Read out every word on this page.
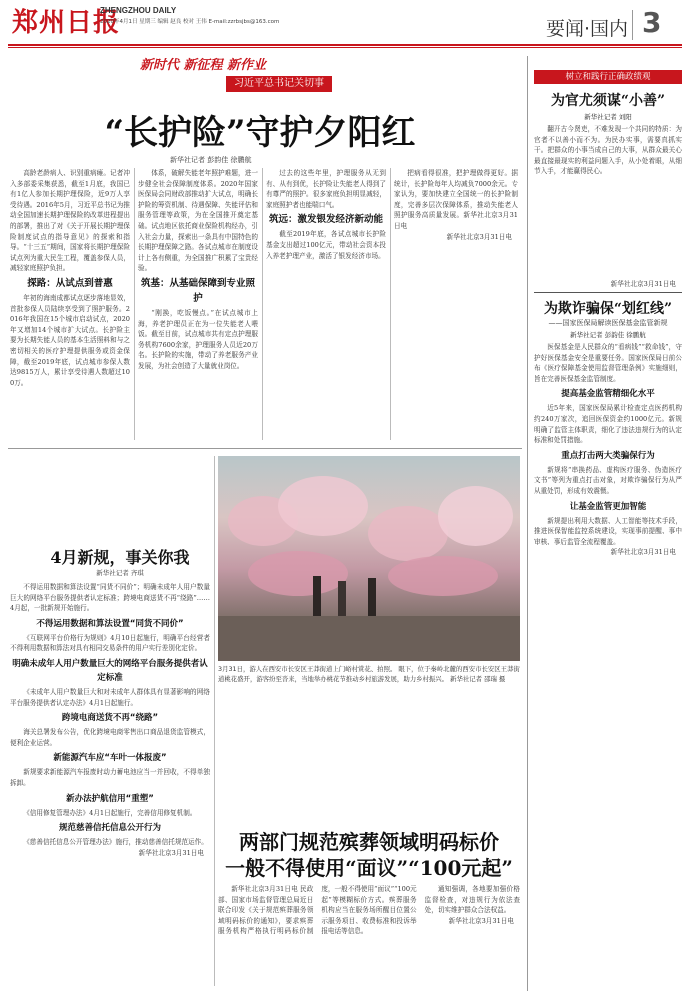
郑州日报
ZHENGZHOU DAILY
2020年4月1日 星期三 编辑 赵良 校对 王伟 E-mail:zzrbsjbs@163.com	要闻·国内 3
新时代 新征程 新作业
习近平总书记关切事
“长护险”守护夕阳红
新华社记者 彭韵佳 徐鹏航

高龄老龄病人、识别重病瘫。记者冲入多部委采集获悉，截至1月底，我国已有1亿人参加长期护理保险，近9万人享受待遇。2016年5月，习近平总书记为推动全国加速长期护理保险的改革进程提出的部署，推出了对《关于开展长期护理保险制度试点的指导意见》的探索和指导。“十三五”期间，国家将长期护理保险试点列为重大民生工程，覆盖参保人员，减轻家庭照护负担。

探路：从试点到普惠

年初的海南成都试点逐步落地显效，首批参保人员陆续享受到了照护服务。2016年我国在15个城市启动试点，2020年又增加14个城市扩大试点。长护险主要为长期失能人员的基本生活照料和与之密切相关的医疗护理提供服务或资金保障，截至2019年底，试点城市参保人数达9815万人，累计享受待遇人数超过100万。

体系，破解失能老年照护难题，进一步健全社会保障制度体系。2020年国家医保局会同财政部推动扩大试点，明确长护险的筹资机制、待遇保障、失能评估和服务管理等政策，为在全国推开奠定基础。试点地区依托商业保险机构经办，引入社会力量，探索出一条具有中国特色的长期护理保障之路。各试点城市在制度设计上各有侧重，为全国推广积累了宝贵经验。

筑基：从基础保障到专业照护

“刚换，吃饭慢点。”在试点城市上海，养老护理员正在为一位失能老人喂饭。截至目前，试点城市共有定点护理服务机构7600余家，护理服务人员近20万名。长护险的实施，带动了养老服务产业发展，为社会创造了大量就业岗位。

过去的这些年里，护理服务从无到有、从有到优，长护险让失能老人得到了有尊严的照护。很多家庭负担明显减轻，家庭照护者也能喘口气。

筑远：激发银发经济新动能

截至2019年底，各试点城市长护险基金支出超过100亿元，带动社会资本投入养老护理产业，激活了银发经济市场。

把病看得很准，把护理做得更好。据统计，长护险每年人均减负7000余元。专家认为，要加快建立全国统一的长护险制度，完善多层次保障体系，推动失能老人照护服务高质量发展。新华社北京3月31日电

新华社北京3月31日电

树立和践行正确政绩观
为官尤须谋“小善”
新华社记者 刘阳

翻开古今贤吏，不难发现一个共同的特质：为官者不以善小而不为。为民办实事，需要真抓实干。把群众的小事当成自己的大事，从群众最关心最直接最现实的利益问题入手，从小处着眼，从细节入手，才能赢得民心。

新华社北京3月31日电
为欺诈骗保“划红线”
——国家医保局解读医保基金监管新规
新华社记者 彭韵佳 徐鹏航

医保基金是人民群众的“看病钱”“救命钱”，守护好医保基金安全是重要任务。国家医保局日前公布《医疗保障基金使用监督管理条例》实施细则，旨在完善医保基金监管制度。

提高基金监管精细化水平

近5年来，国家医保局累计检查定点医药机构约240万家次，追回医保资金约1000亿元。新规明确了监管主体职责，细化了违法违规行为的认定标准和处罚措施。

重点打击两大类骗保行为

新规将“串换药品、虚构医疗服务、伪造医疗文书”等列为重点打击对象，对欺诈骗保行为从严从重处罚，形成有效震慑。

让基金监管更加智能

新规提出利用大数据、人工智能等技术手段，推进医保智能监控系统建设，实现事前提醒、事中审核、事后监管全流程覆盖。

新华社北京3月31日电

4月新规，事关你我
新华社记者 齐琪

不得运用数据和算法设置“同货不同价”；明确未成年人用户数量巨大的网络平台服务提供者认定标准；跨境电商送货不再“绕路”……4月起，一批新规开始施行。

不得运用数据和算法设置“同货不同价”

《互联网平台价格行为规则》4月10日起施行，明确平台经营者不得利用数据和算法对具有相同交易条件的用户实行差别化定价。

明确未成年人用户数量巨大的网络平台服务提供者认定标准

《未成年人用户数量巨大和对未成年人群体具有显著影响的网络平台服务提供者认定办法》4月1日起施行。

跨境电商送货不再“绕路”

海关总署发布公告，优化跨境电商零售出口商品退货监管模式，便利企业运营。

新能源汽车应“车叶一体报废”

新规要求新能源汽车报废时动力蓄电池应当一并回收，不得单独拆卸。

新办法护航信用“重塑”

《信用修复管理办法》4月1日起施行，完善信用修复机制。

规范慈善信托信息公开行为

《慈善信托信息公开管理办法》施行，推动慈善信托规范运作。

新华社北京3月31日电

3月31日，游人在西安市长安区王莽街道上门峪村赏花、拍照。 眼下，位于秦岭北麓的西安市长安区王莽街道桃花盛开，游客纷至沓来，当地举办桃花节推动乡村旅游发展，助力乡村振兴。 新华社记者 邵瑞 摄
两部门规范殡葬领域明码标价
一般不得使用“面议”“100元起”

新华社北京3月31日电 民政部、国家市场监督管理总局近日联合印发《关于规范殡葬服务领域明码标价的通知》，要求殡葬服务机构严格执行明码标价制度，一般不得使用“面议”“100元起”等模糊标价方式。殡葬服务机构应当在服务场所醒目位置公示服务项目、收费标准和投诉举报电话等信息。

通知强调，各地要加强价格监督检查，对违规行为依法查处，切实维护群众合法权益。

新华社北京3月31日电
